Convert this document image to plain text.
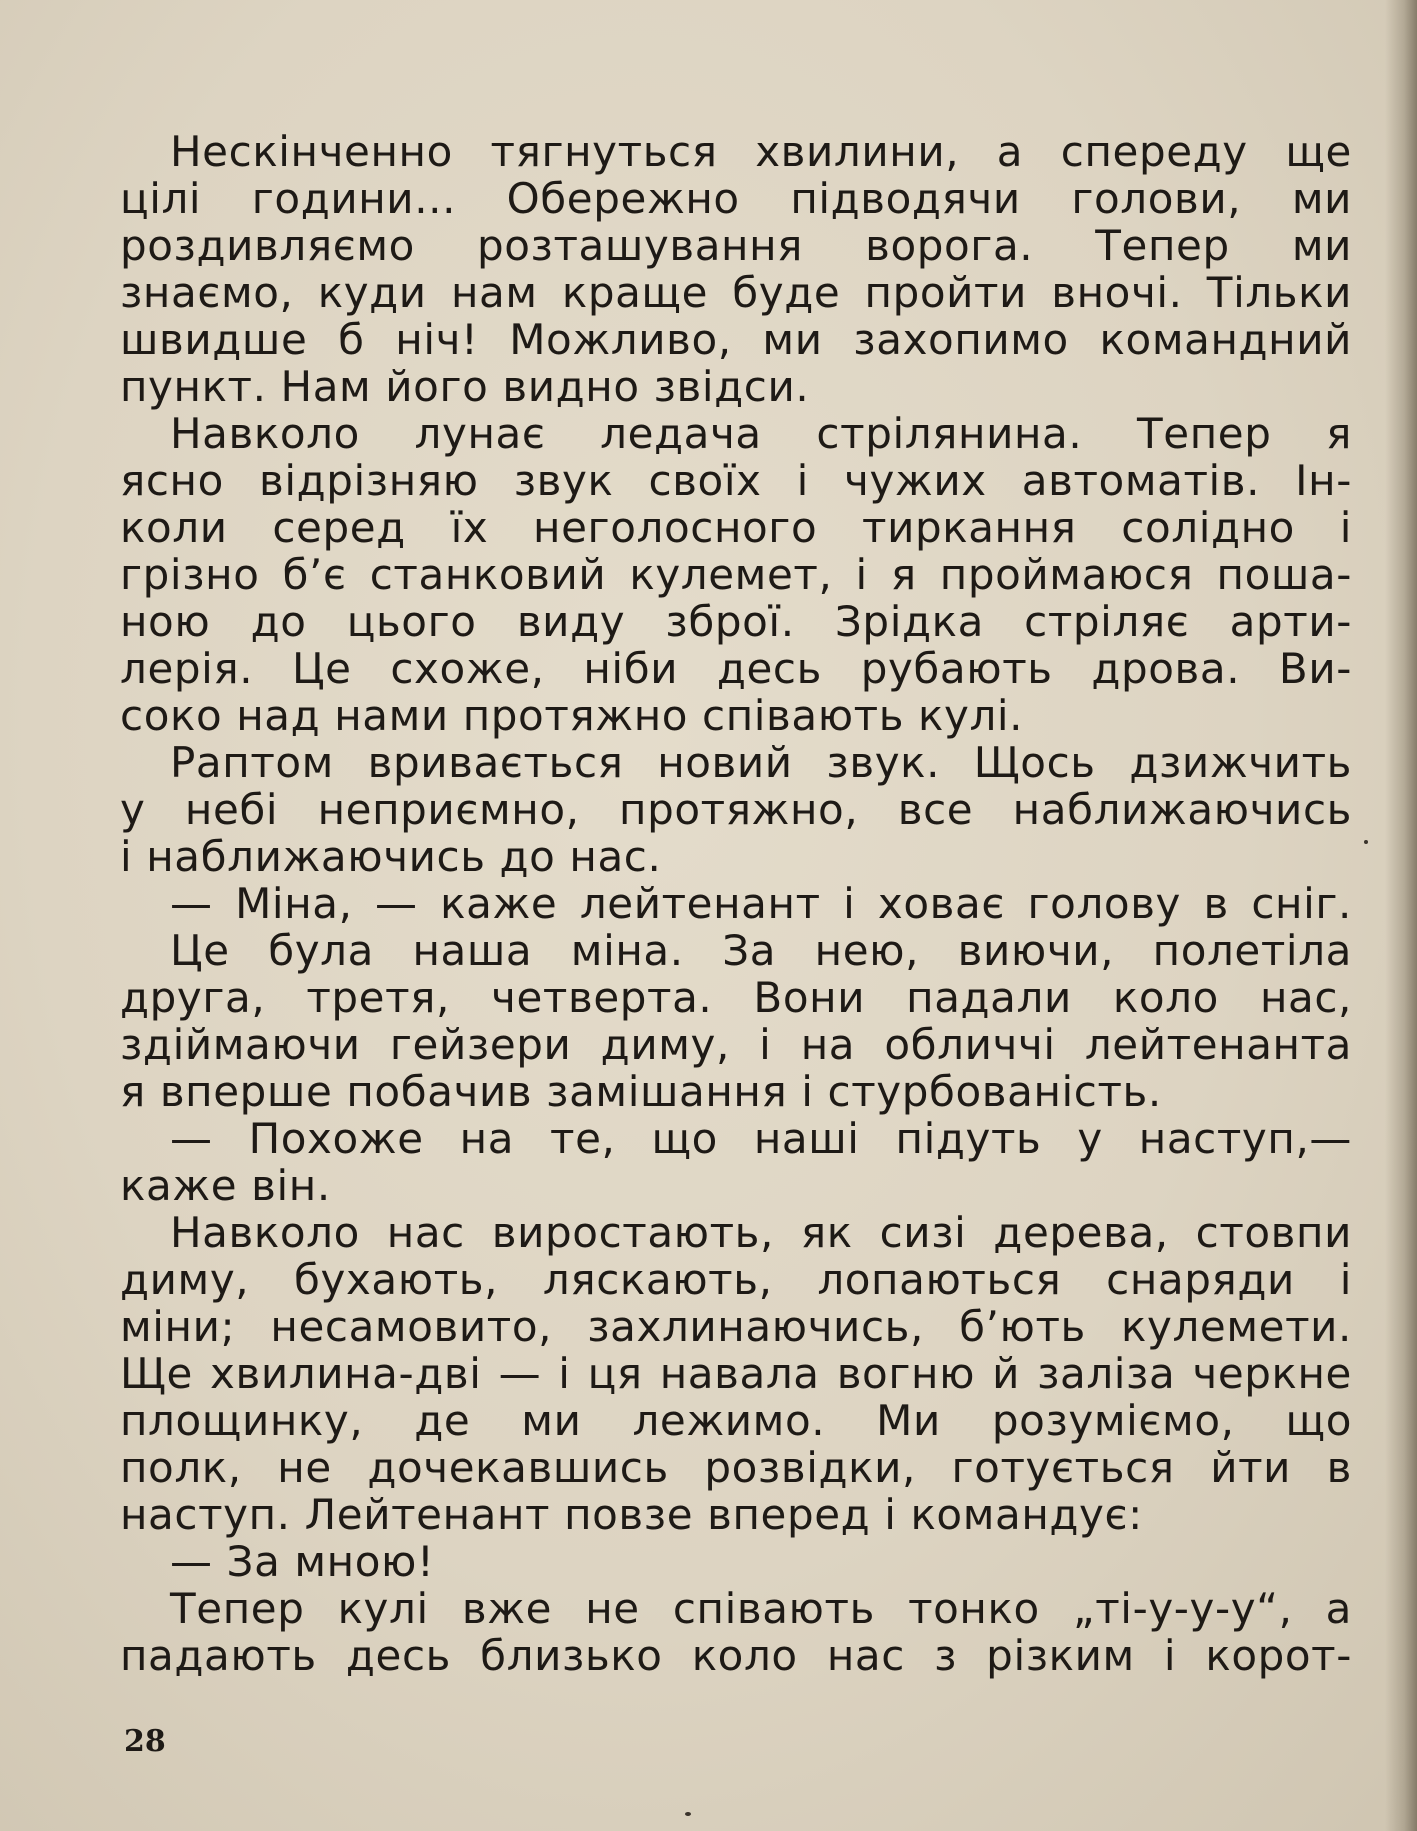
Нескінченно тягнуться хвилини, а спереду ще
цілі години... Обережно підводячи голови, ми
роздивляємо розташування ворога. Тепер ми
знаємо, куди нам краще буде пройти вночі. Тільки
швидше б ніч! Можливо, ми захопимо командний
пункт. Нам його видно звідси.
Навколо лунає ледача стрілянина. Тепер я
ясно відрізняю звук своїх і чужих автоматів. Ін-
коли серед їх неголосного тиркання солідно і
грізно б’є станковий кулемет, і я проймаюся поша-
ною до цього виду зброї. Зрідка стріляє арти-
лерія. Це схоже, ніби десь рубають дрова. Ви-
соко над нами протяжно співають кулі.
Раптом вривається новий звук. Щось дзижчить
у небі неприємно, протяжно, все наближаючись
і наближаючись до нас.
— Міна, — каже лейтенант і ховає голову в сніг.
Це була наша міна. За нею, виючи, полетіла
друга, третя, четверта. Вони падали коло нас,
здіймаючи гейзери диму, і на обличчі лейтенанта
я вперше побачив замішання і стурбованість.
— Похоже на те, що наші підуть у наступ,—
каже він.
Навколо нас виростають, як сизі дерева, стовпи
диму, бухають, ляскають, лопаються снаряди і
міни; несамовито, захлинаючись, б’ють кулемети.
Ще хвилина-дві — і ця навала вогню й заліза черкне
площинку, де ми лежимо. Ми розуміємо, що
полк, не дочекавшись розвідки, готується йти в
наступ. Лейтенант повзе вперед і командує:
— За мною!
Тепер кулі вже не співають тонко „ті-у-у-у“, а
падають десь близько коло нас з різким і корот-
28
